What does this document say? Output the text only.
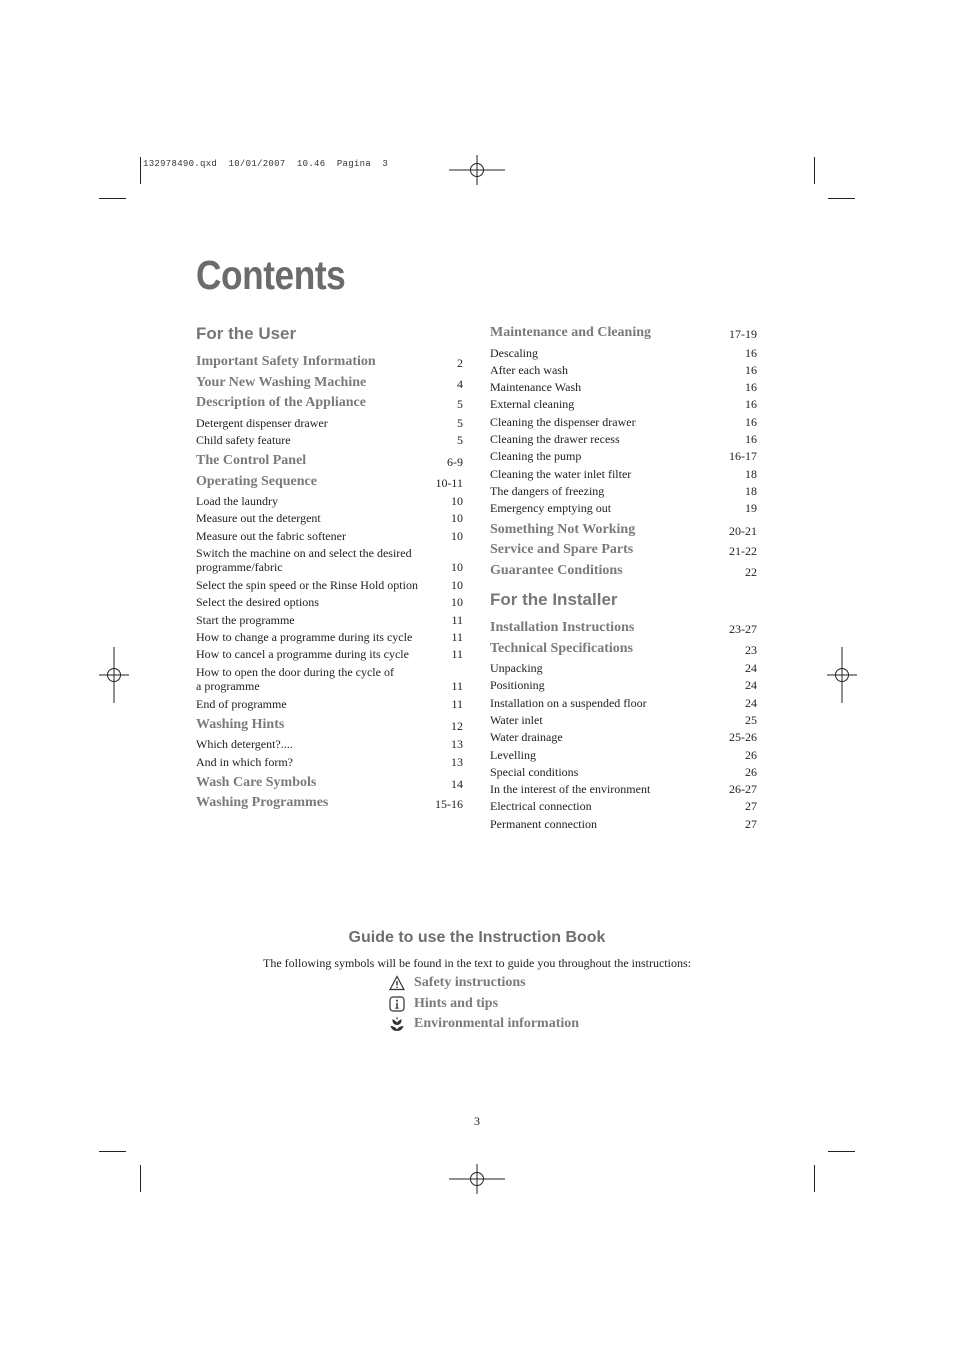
132978490.qxd  10/01/2007  10.46  Pagina  3
Contents
For the User
Important Safety Information	2
Your New Washing Machine	4
Description of the Appliance	5
Detergent dispenser drawer	5
Child safety feature	5
The Control Panel	6-9
Operating Sequence	10-11
Load the laundry	10
Measure out the detergent	10
Measure out the fabric softener	10
Switch the machine on and select the desired
programme/fabric	10
Select the spin speed or the Rinse Hold option	10
Select the desired options	10
Start the programme	11
How to change a programme during its cycle	11
How to cancel a programme during its cycle	11
How to open the door during the cycle of
a programme	11
End of programme	11
Washing Hints	12
Which detergent?....	13
And in which form?	13
Wash Care Symbols	14
Washing Programmes	15-16
Maintenance and Cleaning	17-19
Descaling	16
After each wash	16
Maintenance Wash	16
External cleaning	16
Cleaning the dispenser drawer	16
Cleaning the drawer recess	16
Cleaning the pump	16-17
Cleaning the water inlet filter	18
The dangers of freezing	18
Emergency emptying out	19
Something Not Working	20-21
Service and Spare Parts	21-22
Guarantee Conditions	22
For the Installer
Installation Instructions	23-27
Technical Specifications	23
Unpacking	24
Positioning	24
Installation on a suspended floor	24
Water inlet	25
Water drainage	25-26
Levelling	26
Special conditions	26
In the interest of the environment	26-27
Electrical connection	27
Permanent connection	27
Guide to use the Instruction Book
The following symbols will be found in the text to guide you throughout the instructions:
Safety instructions
Hints and tips
Environmental information
3
